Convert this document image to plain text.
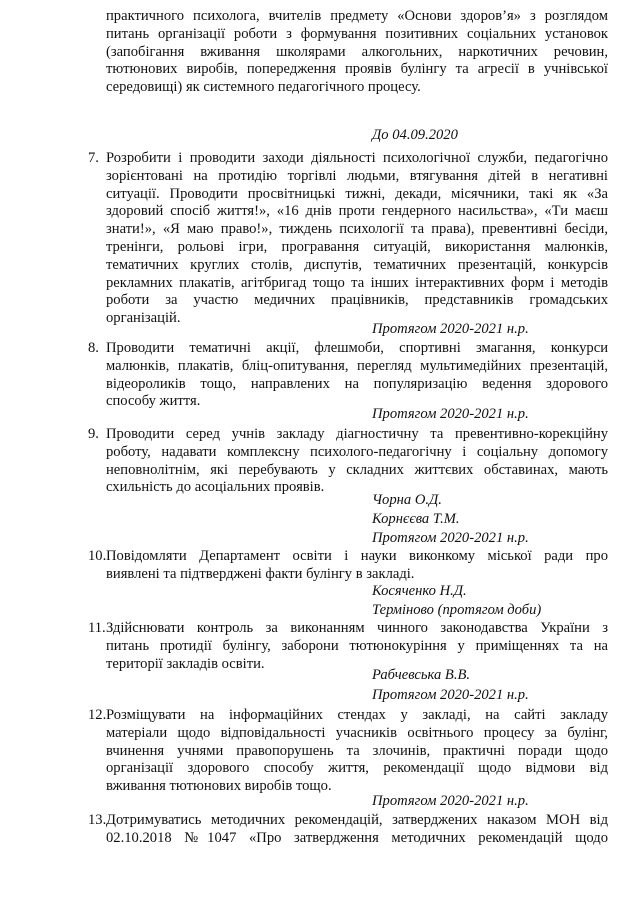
практичного психолога, вчителів предмету «Основи здоров’я» з розглядом
питань організації роботи з формування позитивних соціальних установок
(запобігання вживання школярами алкогольних, наркотичних речовин,
тютюнових виробів, попередження проявів булінгу та агресії в учнівської
середовищі) як системного педагогічного процесу.
До 04.09.2020
7. Розробити і проводити заходи діяльності психологічної служби, педагогічно
зорієнтовані на протидію торгівлі людьми, втягування дітей в негативні
ситуації. Проводити просвітницькі тижні, декади, місячники, такі як «За
здоровий спосіб життя!», «16 днів проти гендерного насильства», «Ти маєш
знати!», «Я маю право!», тиждень психології та права), превентивні бесіди,
тренінги, рольові ігри, програвання ситуацій, використання малюнків,
тематичних круглих столів, диспутів, тематичних презентацій, конкурсів
рекламних плакатів, агітбригад тощо та інших інтерактивних форм і методів
роботи за участю медичних працівників, представників громадських
організацій.
Протягом 2020-2021 н.р.
8. Проводити тематичні акції, флешмоби, спортивні змагання, конкурси
малюнків, плакатів, бліц-опитування, перегляд мультимедійних презентацій,
відеороликів тощо, направлених на популяризацію ведення здорового
способу життя.
Протягом 2020-2021 н.р.
9. Проводити серед учнів закладу діагностичну та превентивно-корекційну
роботу, надавати комплексну психолого-педагогічну і соціальну допомогу
неповнолітнім, які перебувають у складних життєвих обставинах, мають
схильність до асоціальних проявів.
Чорна О.Д.
Корнєєва Т.М.
Протягом 2020-2021 н.р.
10. Повідомляти Департамент освіти і науки виконкому міської ради про
виявлені та підтверджені факти булінгу в закладі.
Косяченко Н.Д.
Терміново (протягом доби)
11. Здійснювати контроль за виконанням чинного законодавства України з
питань протидії булінгу, заборони тютюнокуріння у приміщеннях та на
території закладів освіти.
Рабчевська В.В.
Протягом 2020-2021 н.р.
12. Розміщувати на інформаційних стендах у закладі, на сайті закладу
матеріали щодо відповідальності учасників освітнього процесу за булінг,
вчинення учнями правопорушень та злочинів, практичні поради щодо
організації здорового способу життя, рекомендації щодо відмови від
вживання тютюнових виробів тощо.
Протягом 2020-2021 н.р.
13. Дотримуватись методичних рекомендацій, затверджених наказом МОН від
02.10.2018 №1047 «Про затвердження методичних рекомендацій щодо
